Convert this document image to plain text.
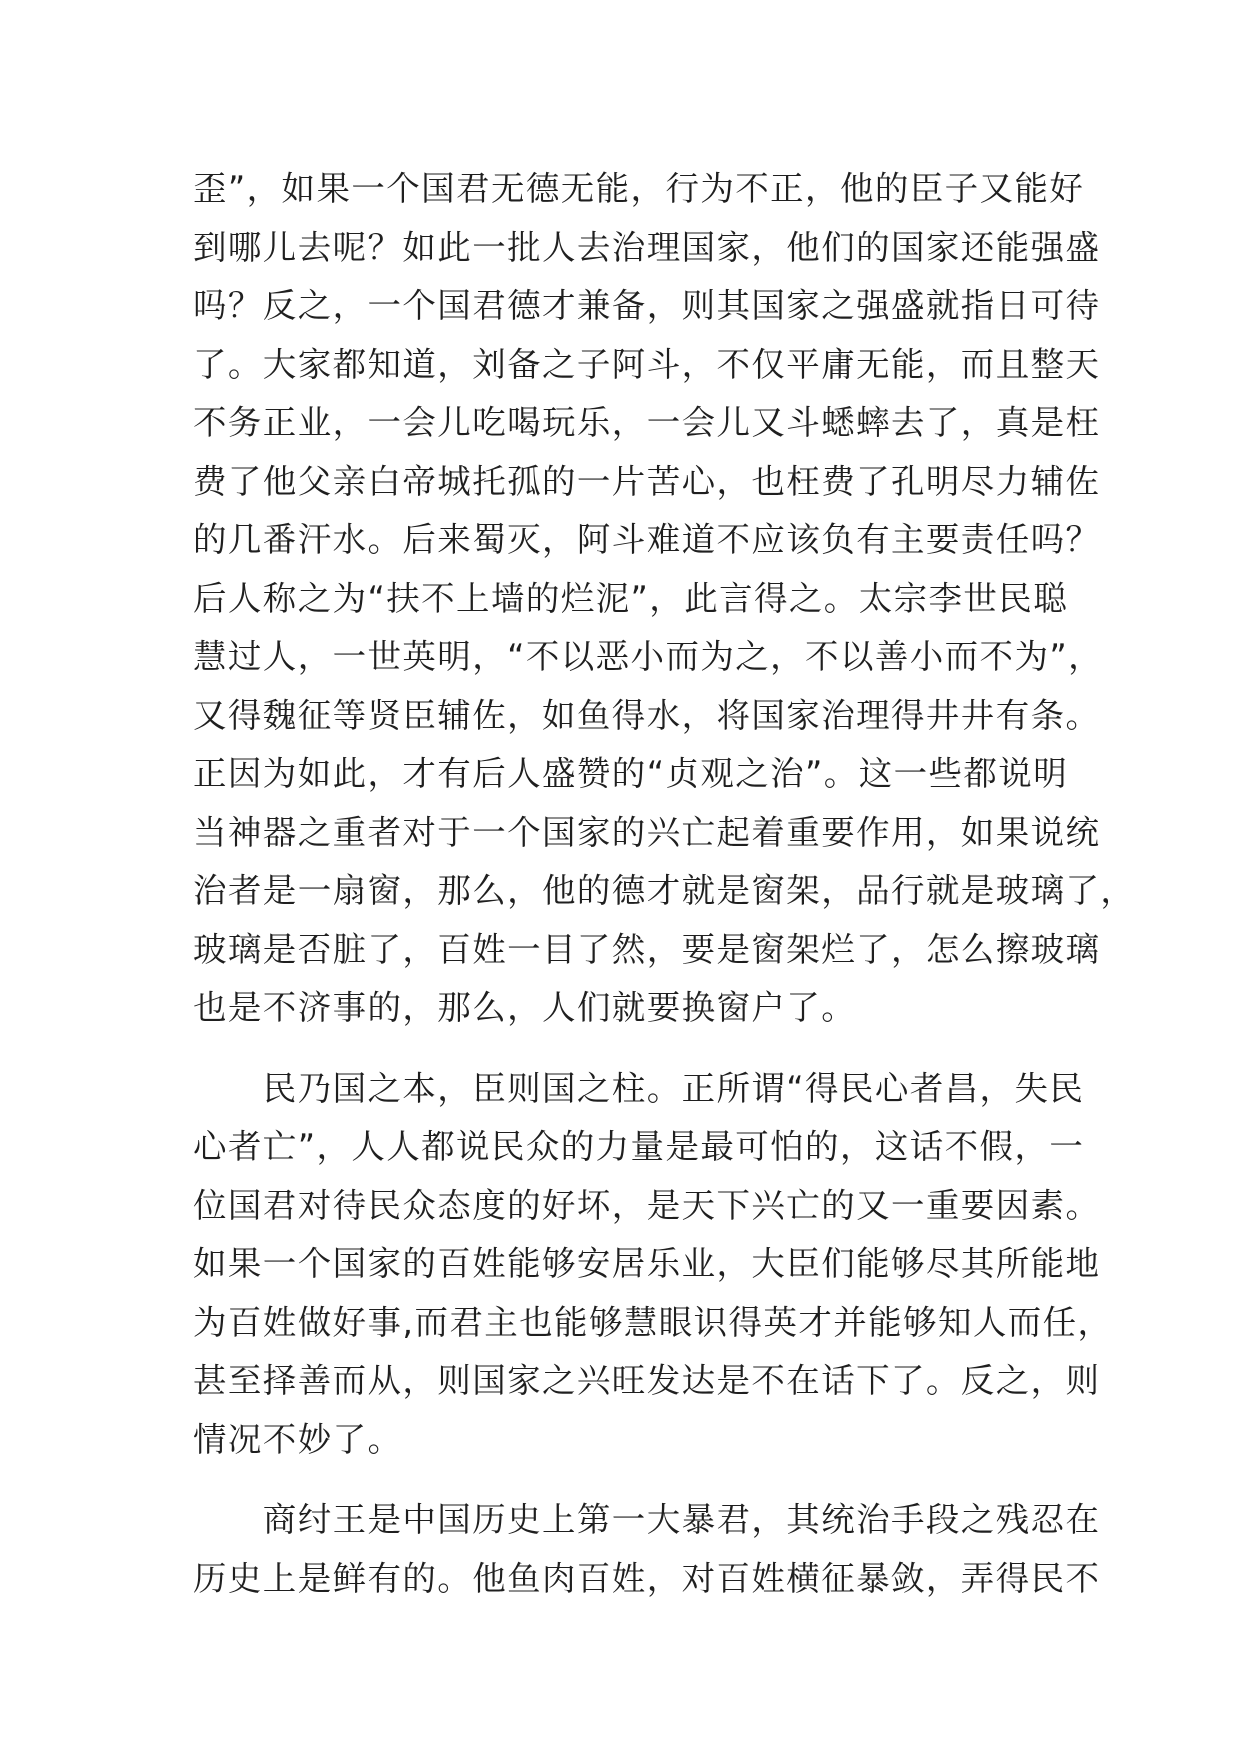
歪”，如果一个国君无德无能，行为不正，他的臣子又能好
到哪儿去呢？如此一批人去治理国家，他们的国家还能强盛
吗？反之，一个国君德才兼备，则其国家之强盛就指日可待
了。大家都知道，刘备之子阿斗，不仅平庸无能，而且整天
不务正业，一会儿吃喝玩乐，一会儿又斗蟋蟀去了，真是枉
费了他父亲白帝城托孤的一片苦心，也枉费了孔明尽力辅佐
的几番汗水。后来蜀灭，阿斗难道不应该负有主要责任吗？
后人称之为“扶不上墙的烂泥”，此言得之。太宗李世民聪
慧过人，一世英明，“不以恶小而为之，不以善小而不为”，
又得魏征等贤臣辅佐，如鱼得水，将国家治理得井井有条。
正因为如此，才有后人盛赞的“贞观之治”。这一些都说明
当神器之重者对于一个国家的兴亡起着重要作用，如果说统
治者是一扇窗，那么，他的德才就是窗架，品行就是玻璃了，
玻璃是否脏了，百姓一目了然，要是窗架烂了，怎么擦玻璃
也是不济事的，那么，人们就要换窗户了。
　　民乃国之本，臣则国之柱。正所谓“得民心者昌，失民
心者亡”，人人都说民众的力量是最可怕的，这话不假，一
位国君对待民众态度的好坏，是天下兴亡的又一重要因素。
如果一个国家的百姓能够安居乐业，大臣们能够尽其所能地
为百姓做好事,而君主也能够慧眼识得英才并能够知人而任，
甚至择善而从，则国家之兴旺发达是不在话下了。反之，则
情况不妙了。
　　商纣王是中国历史上第一大暴君，其统治手段之残忍在
历史上是鲜有的。他鱼肉百姓，对百姓横征暴敛，弄得民不
